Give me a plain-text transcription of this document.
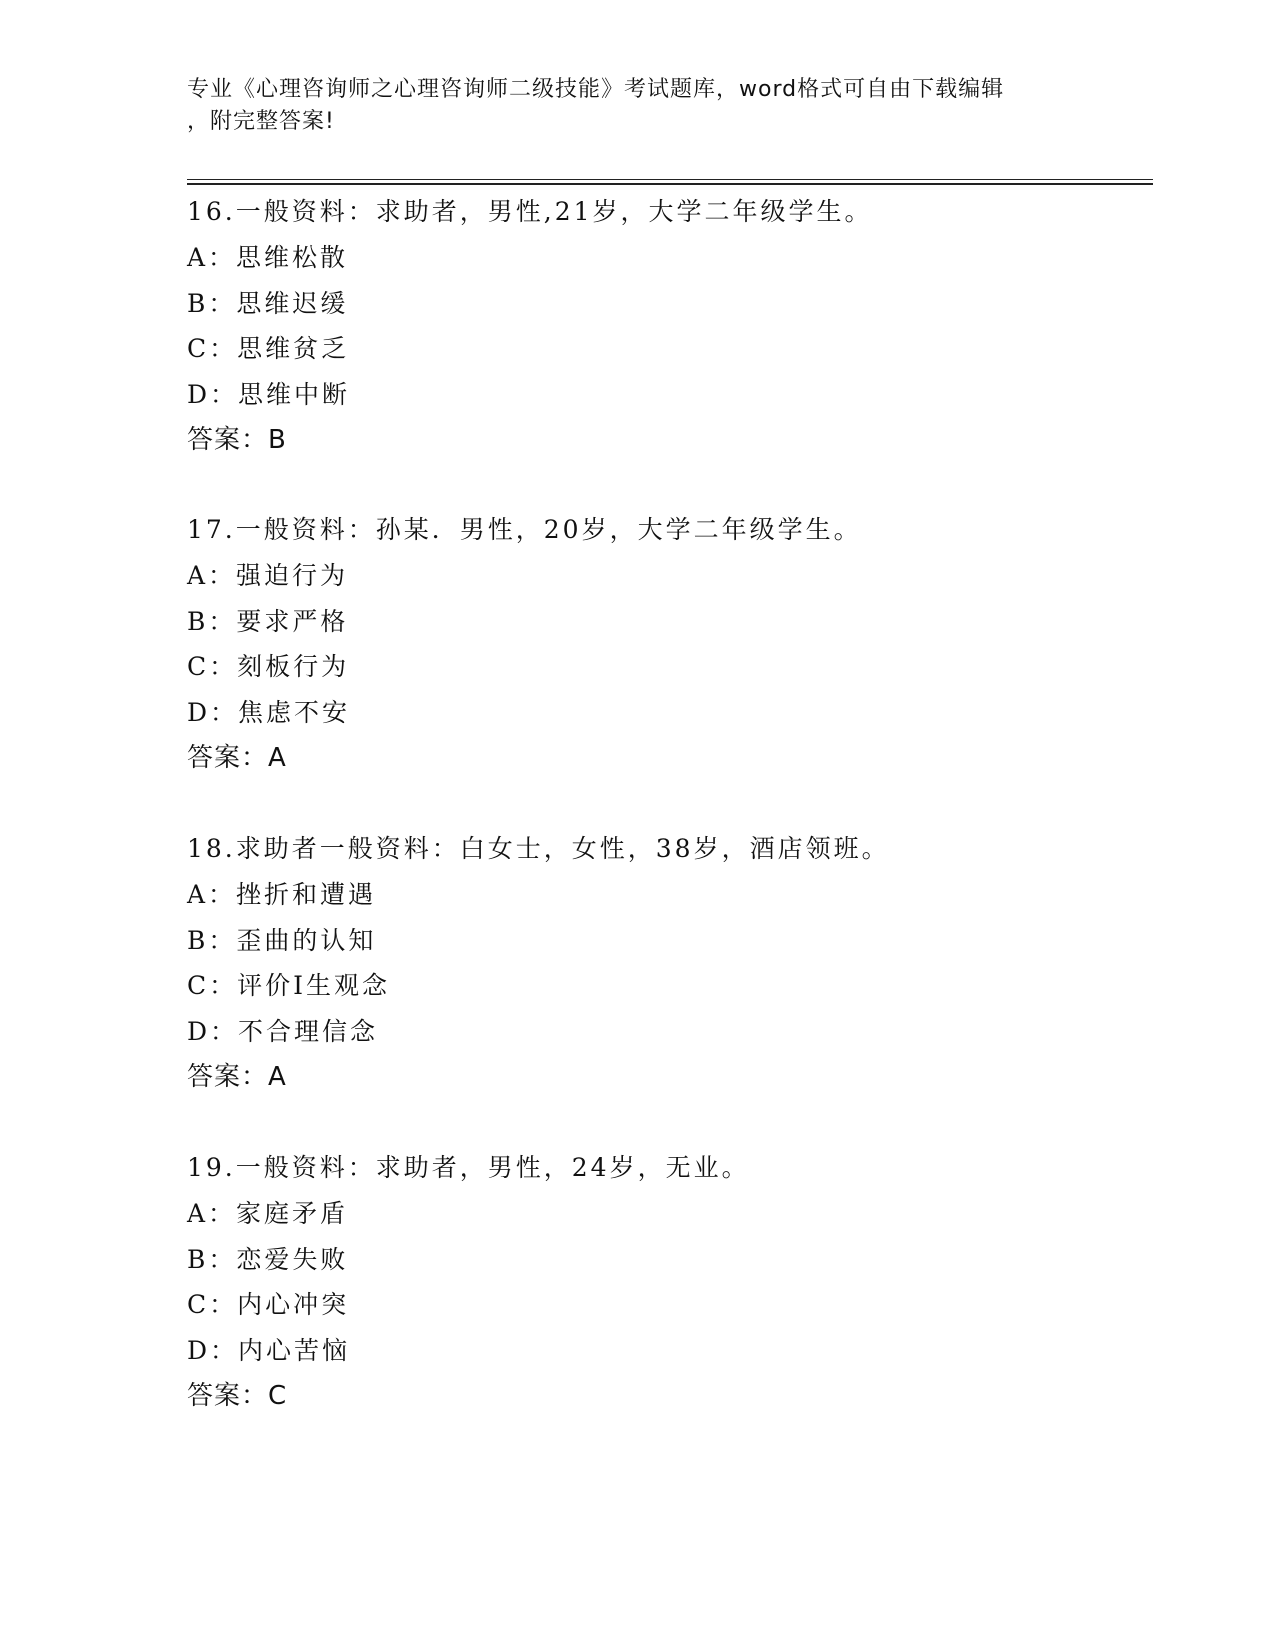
专业《心理咨询师之心理咨询师二级技能》考试题库，word格式可自由下载编辑
，附完整答案!
16.一般资料：求助者，男性,21岁，大学二年级学生。
A：思维松散
B：思维迟缓
C：思维贫乏
D：思维中断
答案：B
17.一般资料：孙某．男性，20岁，大学二年级学生。
A：强迫行为
B：要求严格
C：刻板行为
D：焦虑不安
答案：A
18.求助者一般资料：白女士，女性，38岁，酒店领班。
A：挫折和遭遇
B：歪曲的认知
C：评价I生观念
D：不合理信念
答案：A
19.一般资料：求助者，男性，24岁，无业。
A：家庭矛盾
B：恋爱失败
C：内心冲突
D：内心苦恼
答案：C
